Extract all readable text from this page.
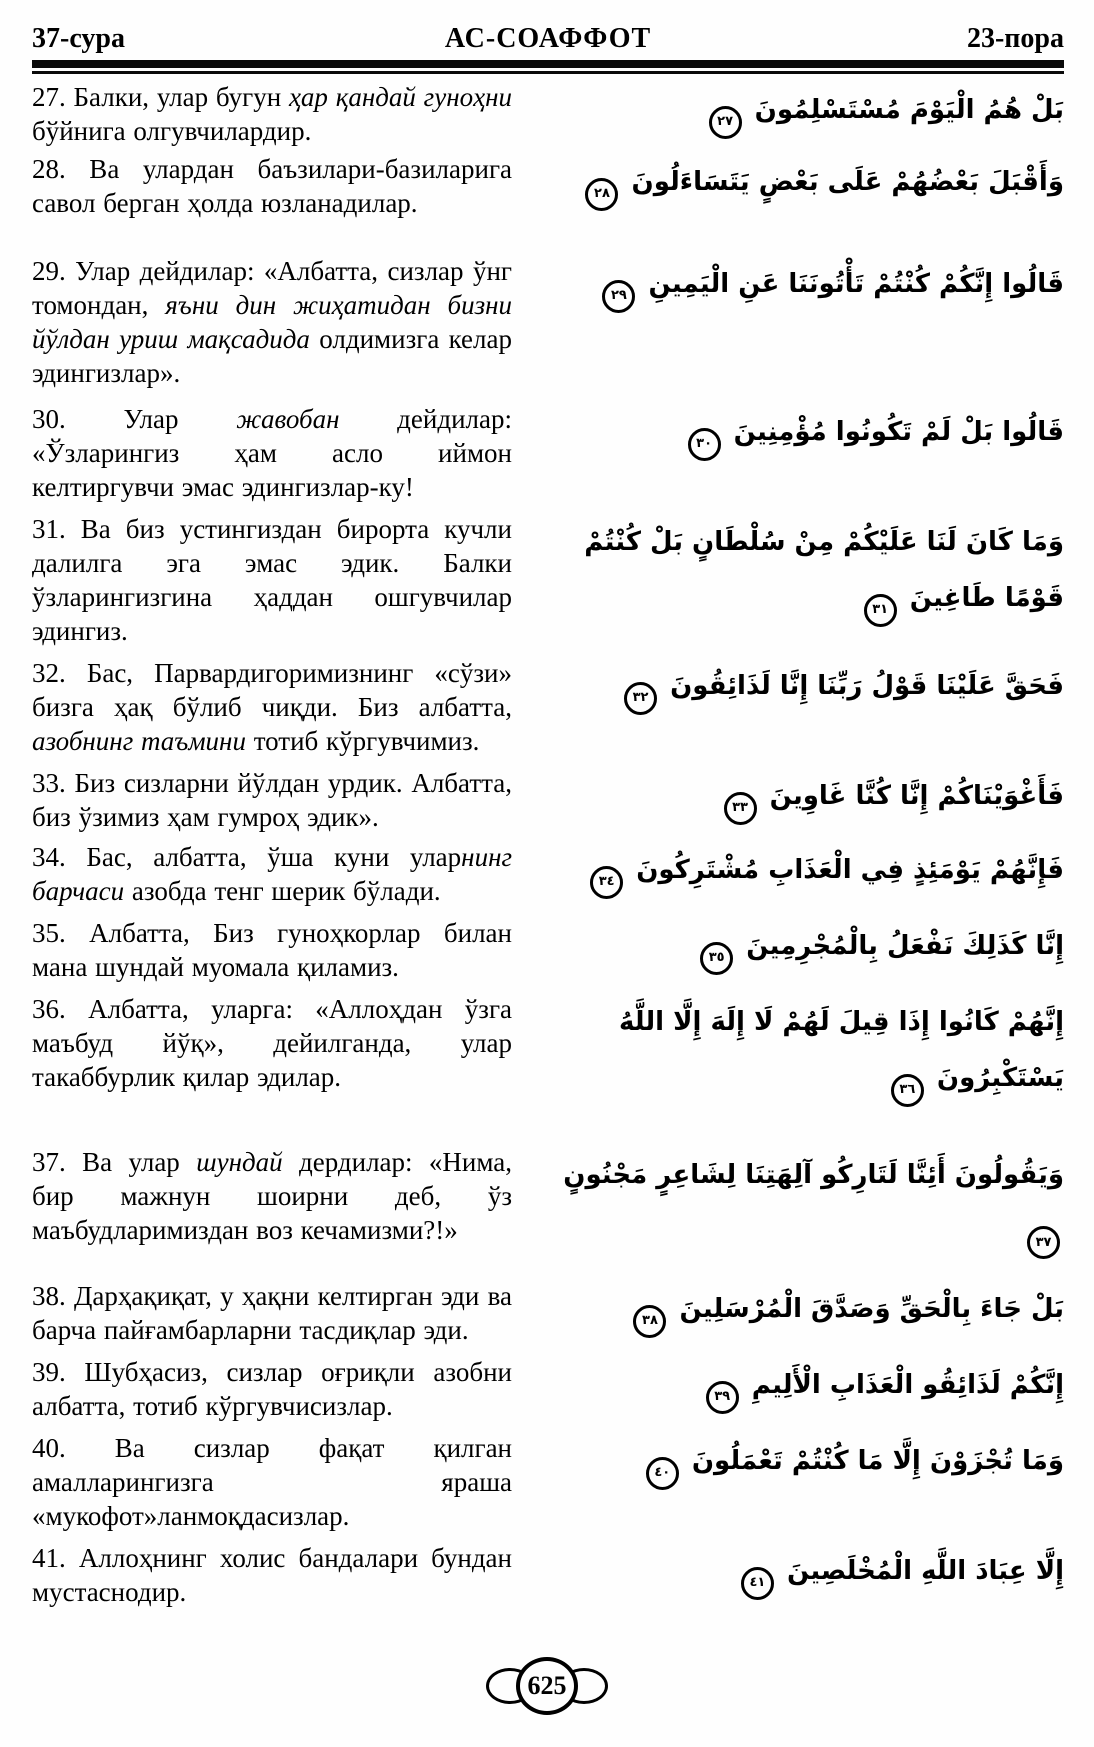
37-сура	АС-СОАФФОТ	23-пора
27. Балки, улар бугун ҳар қандай гуноҳни бўйнига олгувчилардир.
بَلْ هُمُ الْيَوْمَ مُسْتَسْلِمُونَ ٢٧
28. Ва улардан баъзилари-базиларига савол берган ҳолда юзланадилар.
وَأَقْبَلَ بَعْضُهُمْ عَلَى بَعْضٍ يَتَسَاءَلُونَ ٢٨
29. Улар дейдилар: «Албатта, сизлар ўнг томондан, яъни дин жиҳатидан бизни йўлдан уриш мақсадида олдимизга келар эдингизлар».
قَالُوا إِنَّكُمْ كُنْتُمْ تَأْتُونَنَا عَنِ الْيَمِينِ ٢٩
30. Улар жавобан дейдилар: «Ўзларингиз ҳам асло иймон келтиргувчи эмас эдингизлар-ку!
قَالُوا بَلْ لَمْ تَكُونُوا مُؤْمِنِينَ ٣٠
31. Ва биз устингиздан бирорта кучли далилга эга эмас эдик. Балки ўзларингизгина ҳаддан ошгувчилар эдингиз.
وَمَا كَانَ لَنَا عَلَيْكُمْ مِنْ سُلْطَانٍ بَلْ كُنْتُمْ قَوْمًا طَاغِينَ ٣١
32. Бас, Парвардигоримизнинг «сўзи» бизга ҳақ бўлиб чиқди. Биз албатта, азобнинг таъмини тотиб кўргувчимиз.
فَحَقَّ عَلَيْنَا قَوْلُ رَبِّنَا إِنَّا لَذَائِقُونَ ٣٢
33. Биз сизларни йўлдан урдик. Албатта, биз ўзимиз ҳам гумроҳ эдик».
فَأَغْوَيْنَاكُمْ إِنَّا كُنَّا غَاوِينَ ٣٣
34. Бас, албатта, ўша куни уларнинг барчаси азобда тенг шерик бўлади.
فَإِنَّهُمْ يَوْمَئِذٍ فِي الْعَذَابِ مُشْتَرِكُونَ ٣٤
35. Албатта, Биз гуноҳкорлар билан мана шундай муомала қиламиз.
إِنَّا كَذَلِكَ نَفْعَلُ بِالْمُجْرِمِينَ ٣٥
36. Албатта, уларга: «Аллоҳдан ўзга маъбуд йўқ», дейилганда, улар такаббурлик қилар эдилар.
إِنَّهُمْ كَانُوا إِذَا قِيلَ لَهُمْ لَا إِلَهَ إِلَّا اللَّهُ يَسْتَكْبِرُونَ ٣٦
37. Ва улар шундай дердилар: «Нима, бир мажнун шоирни деб, ўз маъбудларимиздан воз кечамизми?!»
وَيَقُولُونَ أَئِنَّا لَتَارِكُو آلِهَتِنَا لِشَاعِرٍ مَجْنُونٍ ٣٧
38. Дарҳақиқат, у ҳақни келтирган эди ва барча пайғамбарларни тасдиқлар эди.
بَلْ جَاءَ بِالْحَقِّ وَصَدَّقَ الْمُرْسَلِينَ ٣٨
39. Шубҳасиз, сизлар оғриқли азобни албатта, тотиб кўргувчисизлар.
إِنَّكُمْ لَذَائِقُو الْعَذَابِ الْأَلِيمِ ٣٩
40. Ва сизлар фақат қилган амалларингизга яраша «мукофот»ланмоқдасизлар.
وَمَا تُجْزَوْنَ إِلَّا مَا كُنْتُمْ تَعْمَلُونَ ٤٠
41. Аллоҳнинг холис бандалари бундан мустаснодир.
إِلَّا عِبَادَ اللَّهِ الْمُخْلَصِينَ ٤١
625
